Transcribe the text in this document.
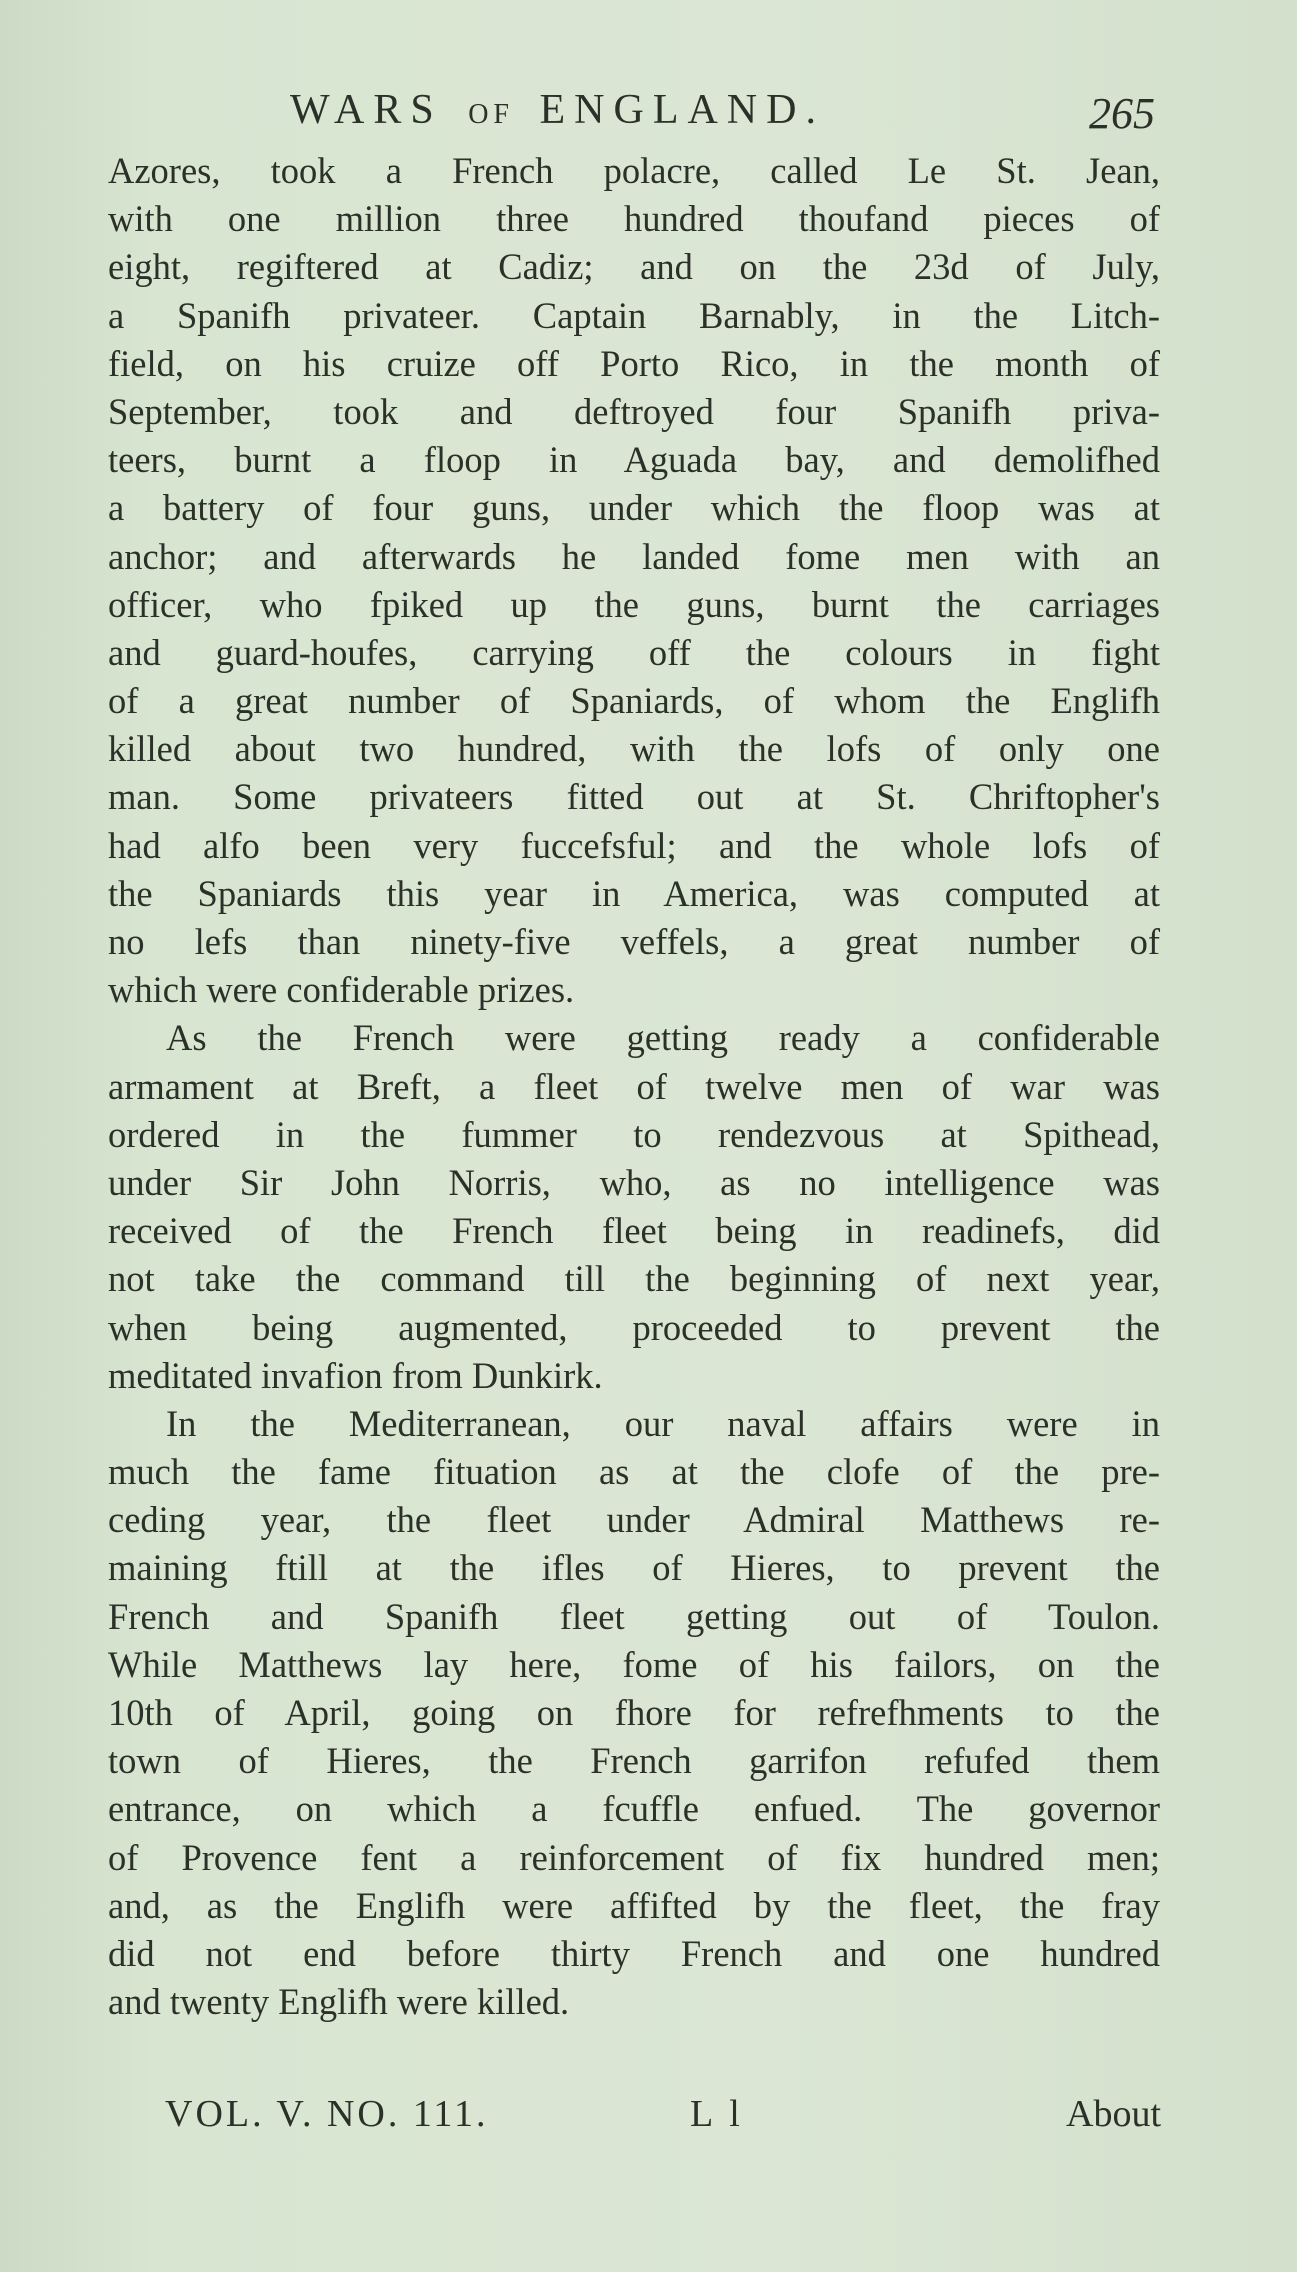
WARS OF ENGLAND.	265
Azores, took a French polacre, called Le St. Jean,
with one million three hundred thoufand pieces of
eight, regiftered at Cadiz; and on the 23d of July,
a Spanifh privateer. Captain Barnably, in the Litch-
field, on his cruize off Porto Rico, in the month of
September, took and deftroyed four Spanifh priva-
teers, burnt a floop in Aguada bay, and demolifhed
a battery of four guns, under which the floop was at
anchor; and afterwards he landed fome men with an
officer, who fpiked up the guns, burnt the carriages
and guard-houfes, carrying off the colours in fight
of a great number of Spaniards, of whom the Englifh
killed about two hundred, with the lofs of only one
man. Some privateers fitted out at St. Chriftopher's
had alfo been very fuccefsful; and the whole lofs of
the Spaniards this year in America, was computed at
no lefs than ninety-five veffels, a great number of
which were confiderable prizes.
As the French were getting ready a confiderable
armament at Breft, a fleet of twelve men of war was
ordered in the fummer to rendezvous at Spithead,
under Sir John Norris, who, as no intelligence was
received of the French fleet being in readinefs, did
not take the command till the beginning of next year,
when being augmented, proceeded to prevent the
meditated invafion from Dunkirk.
In the Mediterranean, our naval affairs were in
much the fame fituation as at the clofe of the pre-
ceding year, the fleet under Admiral Matthews re-
maining ftill at the ifles of Hieres, to prevent the
French and Spanifh fleet getting out of Toulon.
While Matthews lay here, fome of his failors, on the
10th of April, going on fhore for refrefhments to the
town of Hieres, the French garrifon refufed them
entrance, on which a fcuffle enfued. The governor
of Provence fent a reinforcement of fix hundred men;
and, as the Englifh were affifted by the fleet, the fray
did not end before thirty French and one hundred
and twenty Englifh were killed.
VOL. V. NO. 111.	L l	About
